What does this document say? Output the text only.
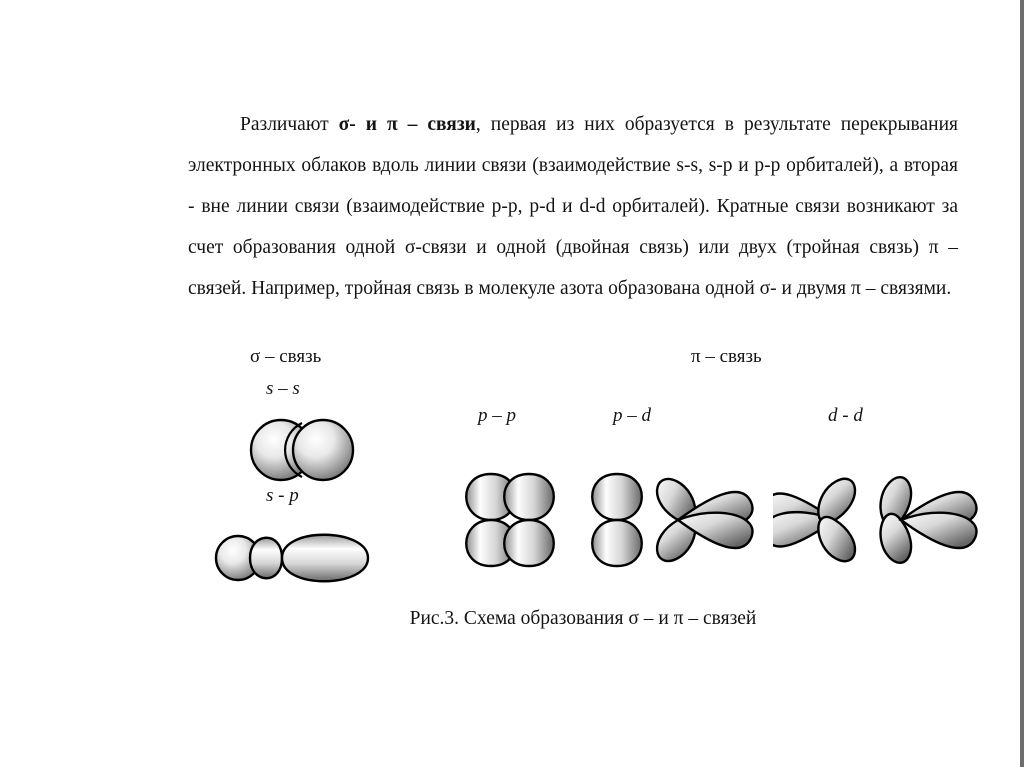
Различают σ- и π – связи, первая из них образуется в результате перекрывания электронных облаков вдоль линии связи (взаимодействие s-s, s-p и p-p орбиталей), а вторая - вне линии связи (взаимодействие p-p, p-d и d-d орбиталей). Кратные связи возникают за счет образования одной σ-связи и одной (двойная связь) или двух (тройная связь) π – связей. Например, тройная связь в молекуле азота образована одной σ- и двумя π – связями.

σ – связь	π – связь
s – s
s - p
p – p	p – d	d - d
Рис.3. Схема образования σ – и π – связей
